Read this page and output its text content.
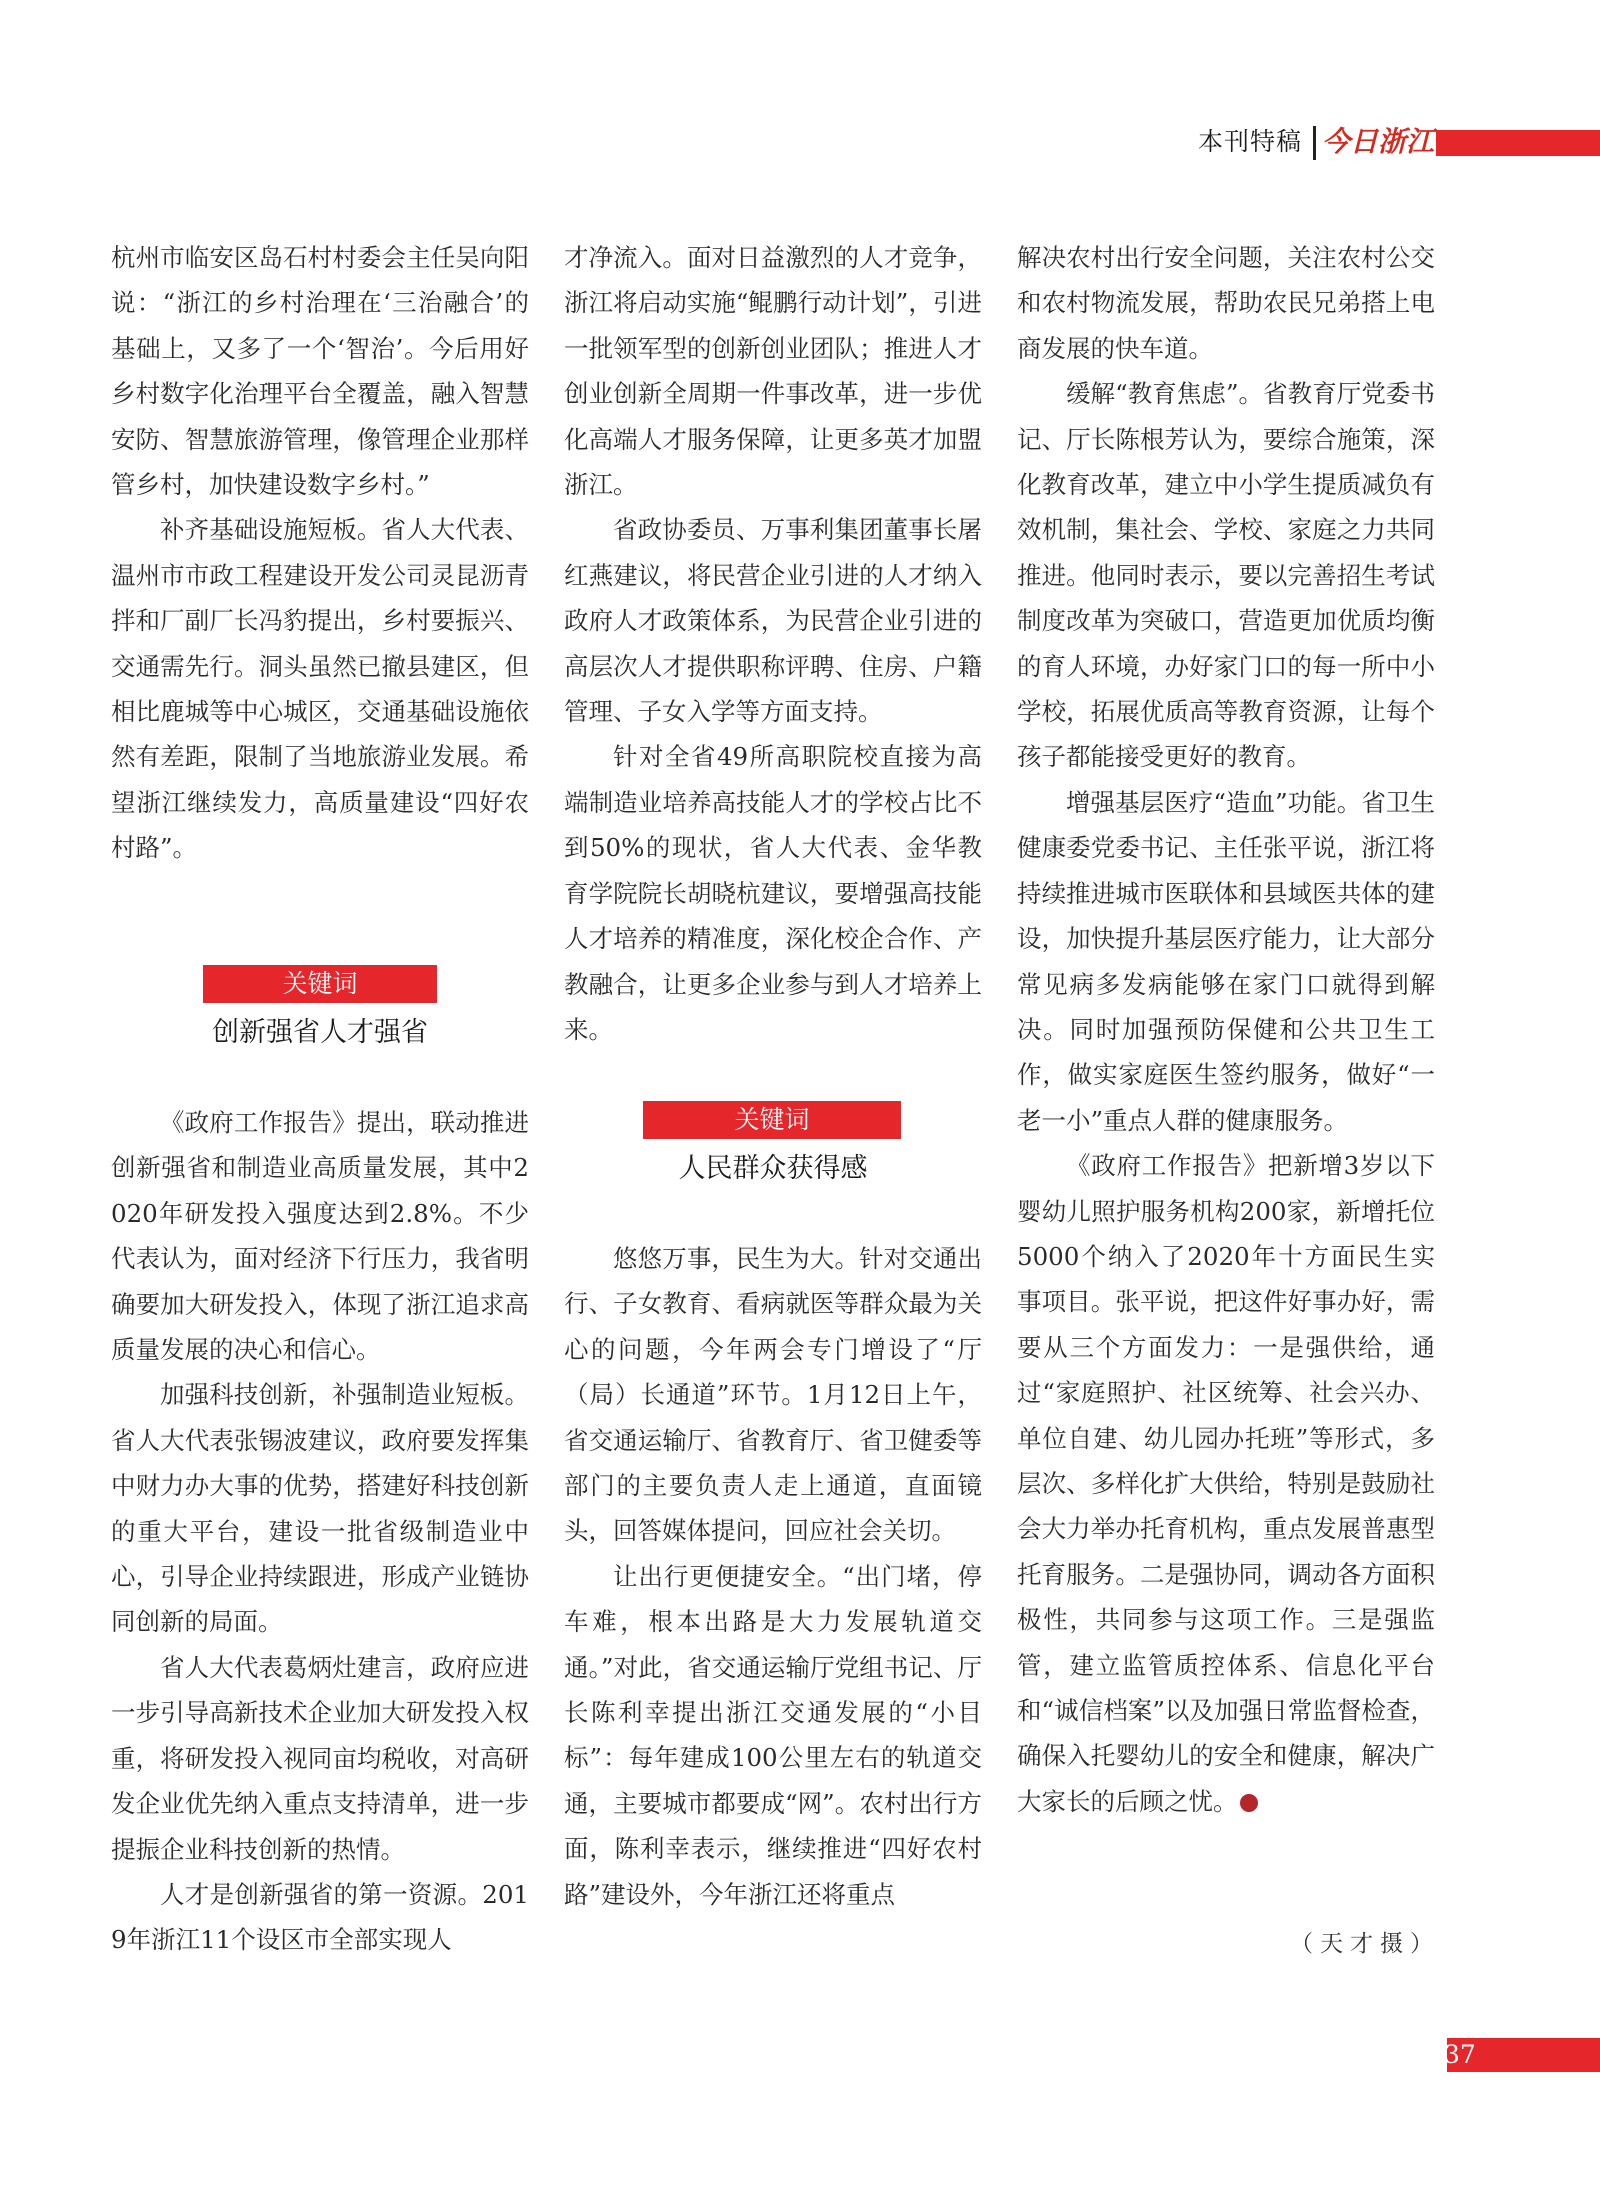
本刊特稿 今日浙江

杭州市临安区岛石村村委会主任吴向阳说：“浙江的乡村治理在‘三治融合’的基础上，又多了一个‘智治’。今后用好乡村数字化治理平台全覆盖，融入智慧安防、智慧旅游管理，像管理企业那样管乡村，加快建设数字乡村。”

补齐基础设施短板。省人大代表、温州市市政工程建设开发公司灵昆沥青拌和厂副厂长冯豹提出，乡村要振兴、交通需先行。洞头虽然已撤县建区，但相比鹿城等中心城区，交通基础设施依然有差距，限制了当地旅游业发展。希望浙江继续发力，高质量建设“四好农村路”。

关键词
创新强省人才强省

《政府工作报告》提出，联动推进创新强省和制造业高质量发展，其中2020年研发投入强度达到2.8%。不少代表认为，面对经济下行压力，我省明确要加大研发投入，体现了浙江追求高质量发展的决心和信心。

加强科技创新，补强制造业短板。省人大代表张锡波建议，政府要发挥集中财力办大事的优势，搭建好科技创新的重大平台，建设一批省级制造业中心，引导企业持续跟进，形成产业链协同创新的局面。

省人大代表葛炳灶建言，政府应进一步引导高新技术企业加大研发投入权重，将研发投入视同亩均税收，对高研发企业优先纳入重点支持清单，进一步提振企业科技创新的热情。

人才是创新强省的第一资源。2019年浙江11个设区市全部实现人

才净流入。面对日益激烈的人才竞争，浙江将启动实施“鲲鹏行动计划”，引进一批领军型的创新创业团队；推进人才创业创新全周期一件事改革，进一步优化高端人才服务保障，让更多英才加盟浙江。

省政协委员、万事利集团董事长屠红燕建议，将民营企业引进的人才纳入政府人才政策体系，为民营企业引进的高层次人才提供职称评聘、住房、户籍管理、子女入学等方面支持。

针对全省49所高职院校直接为高端制造业培养高技能人才的学校占比不到50%的现状，省人大代表、金华教育学院院长胡晓杭建议，要增强高技能人才培养的精准度，深化校企合作、产教融合，让更多企业参与到人才培养上来。

关键词
人民群众获得感

悠悠万事，民生为大。针对交通出行、子女教育、看病就医等群众最为关心的问题，今年两会专门增设了“厅（局）长通道”环节。1月12日上午，省交通运输厅、省教育厅、省卫健委等部门的主要负责人走上通道，直面镜头，回答媒体提问，回应社会关切。

让出行更便捷安全。“出门堵，停车难，根本出路是大力发展轨道交通。”对此，省交通运输厅党组书记、厅长陈利幸提出浙江交通发展的“小目标”：每年建成100公里左右的轨道交通，主要城市都要成“网”。农村出行方面，陈利幸表示，继续推进“四好农村路”建设外，今年浙江还将重点

解决农村出行安全问题，关注农村公交和农村物流发展，帮助农民兄弟搭上电商发展的快车道。

缓解“教育焦虑”。省教育厅党委书记、厅长陈根芳认为，要综合施策，深化教育改革，建立中小学生提质减负有效机制，集社会、学校、家庭之力共同推进。他同时表示，要以完善招生考试制度改革为突破口，营造更加优质均衡的育人环境，办好家门口的每一所中小学校，拓展优质高等教育资源，让每个孩子都能接受更好的教育。

增强基层医疗“造血”功能。省卫生健康委党委书记、主任张平说，浙江将持续推进城市医联体和县域医共体的建设，加快提升基层医疗能力，让大部分常见病多发病能够在家门口就得到解决。同时加强预防保健和公共卫生工作，做实家庭医生签约服务，做好“一老一小”重点人群的健康服务。

《政府工作报告》把新增3岁以下婴幼儿照护服务机构200家，新增托位5000个纳入了2020年十方面民生实事项目。张平说，把这件好事办好，需要从三个方面发力：一是强供给，通过“家庭照护、社区统筹、社会兴办、单位自建、幼儿园办托班”等形式，多层次、多样化扩大供给，特别是鼓励社会大力举办托育机构，重点发展普惠型托育服务。二是强协同，调动各方面积极性，共同参与这项工作。三是强监管，建立监管质控体系、信息化平台和“诚信档案”以及加强日常监督检查，确保入托婴幼儿的安全和健康，解决广大家长的后顾之忧。

（天才摄）
37
